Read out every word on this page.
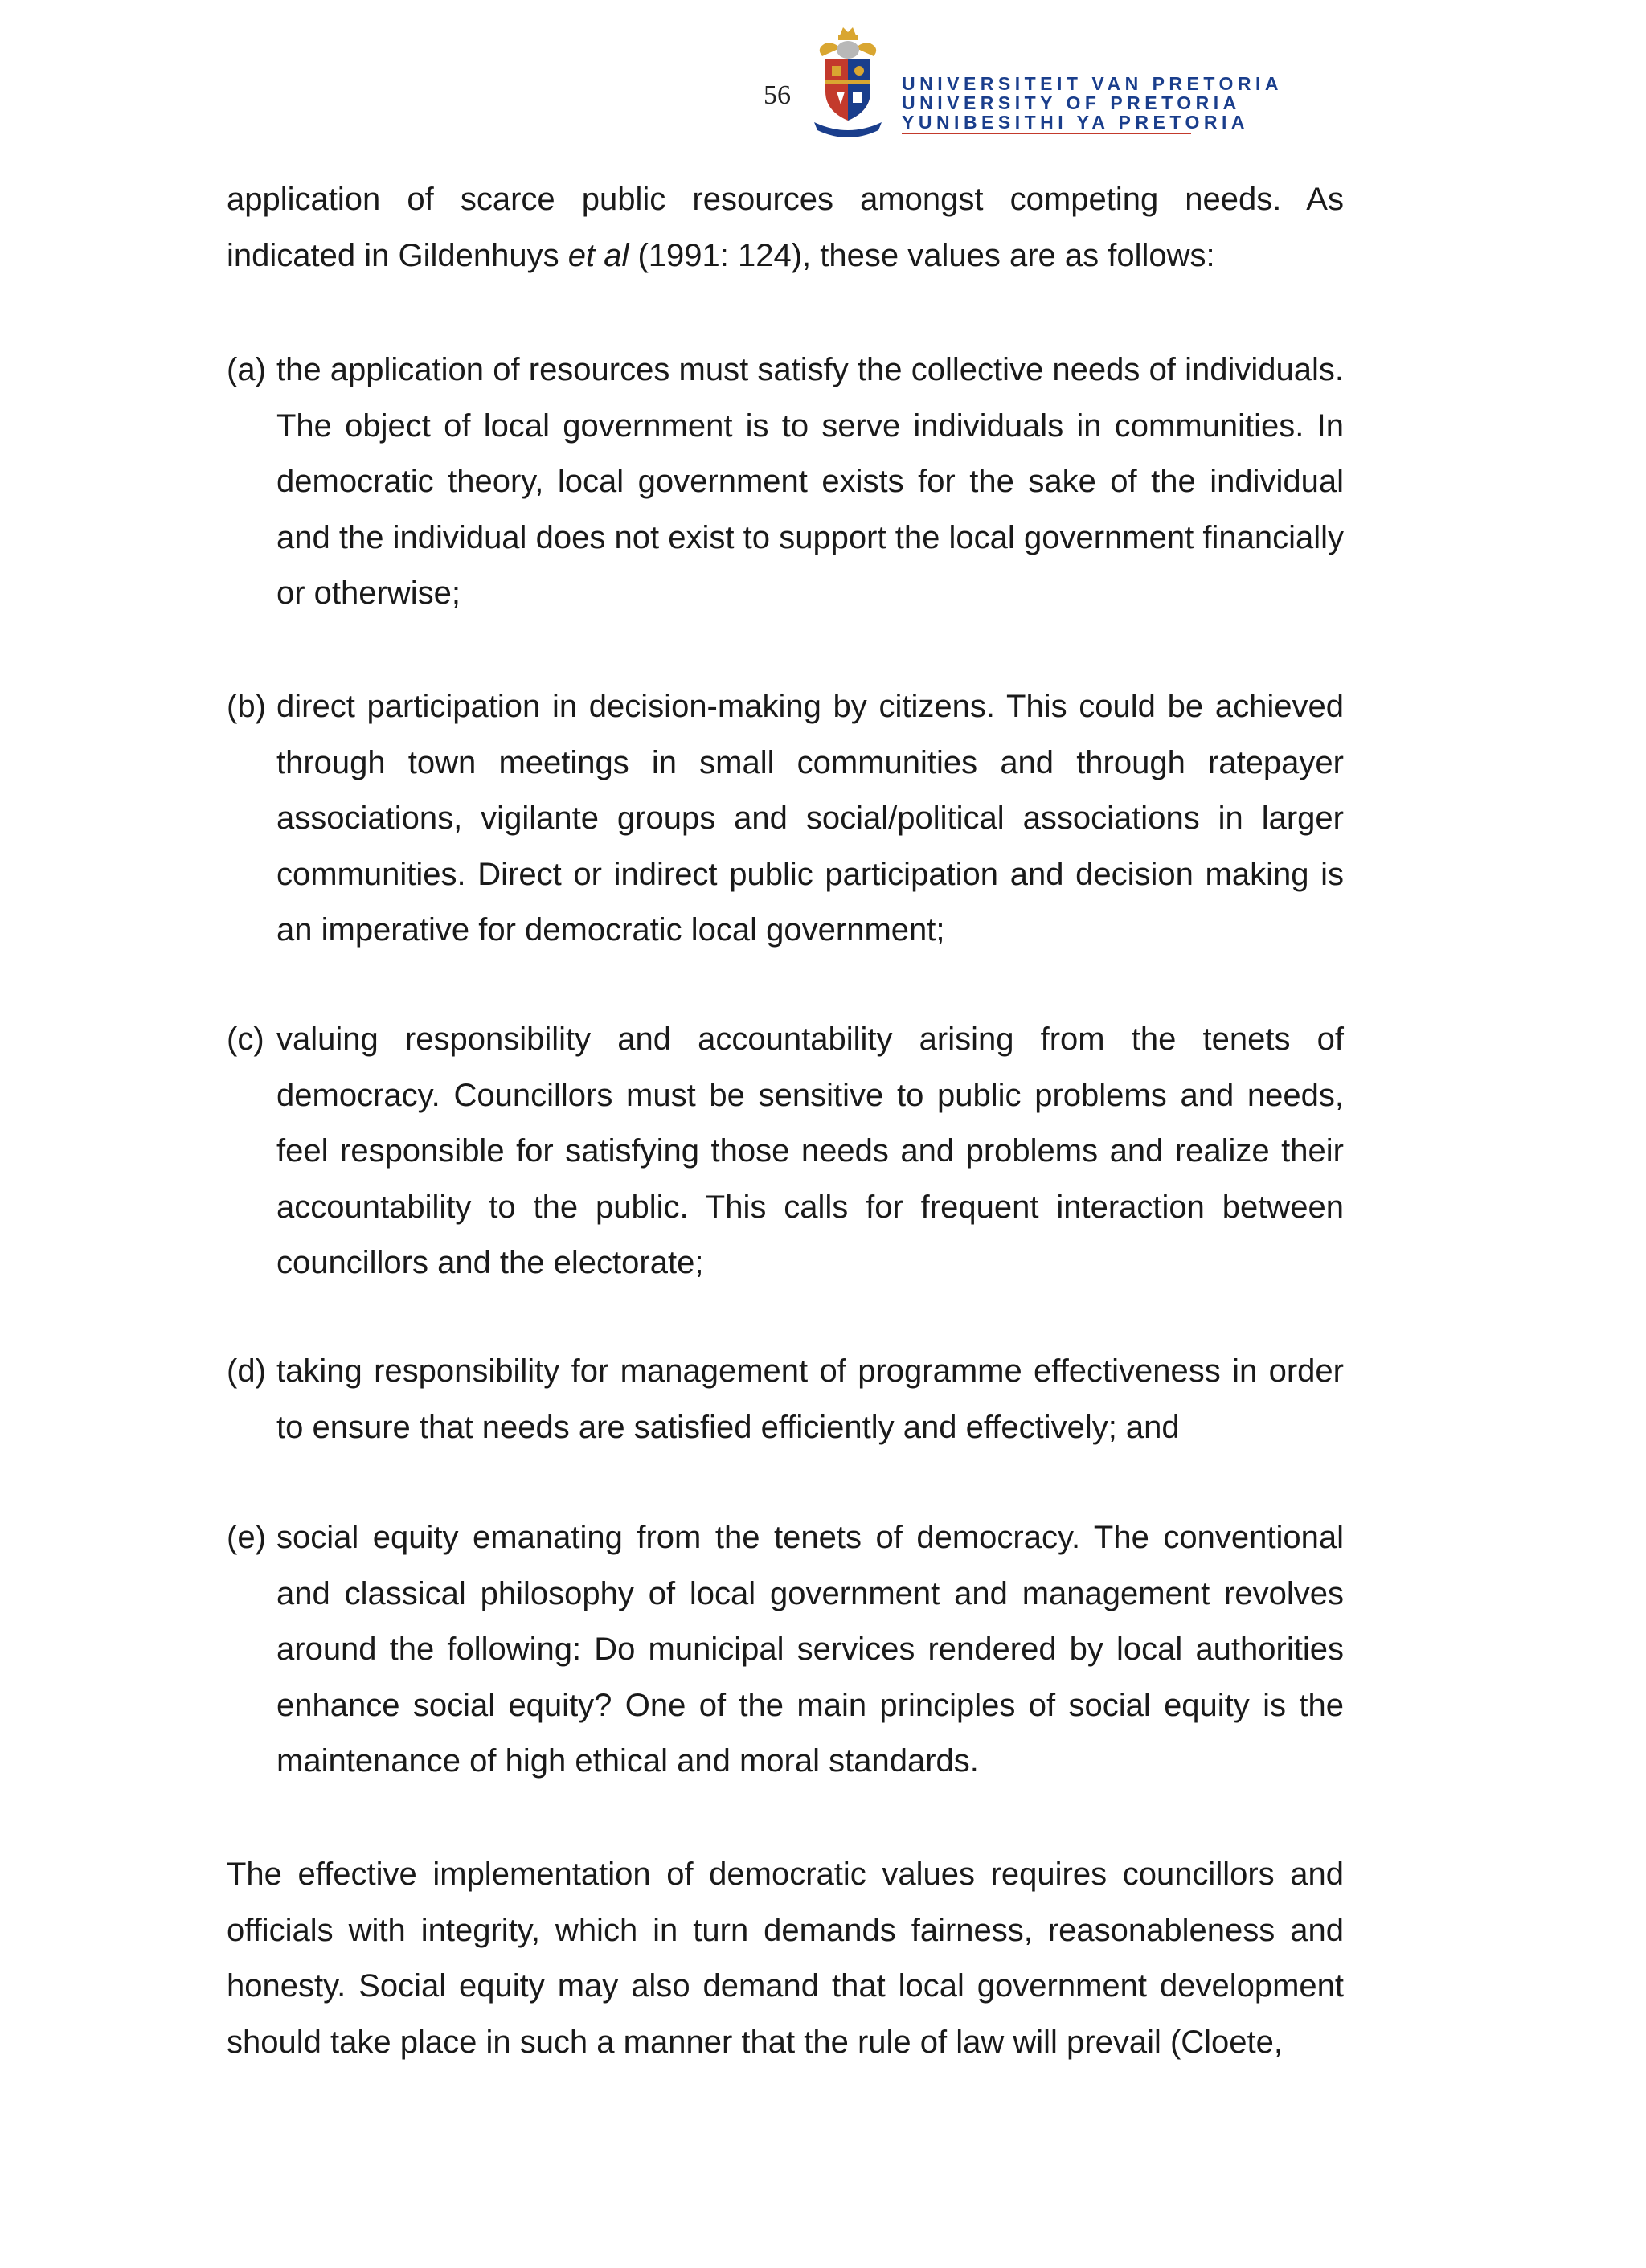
56	UNIVERSITEIT VAN PRETORIA
UNIVERSITY OF PRETORIA
YUNIBESITHI YA PRETORIA
application of scarce public resources amongst competing needs. As
indicated in Gildenhuys et al (1991: 124), these values are as follows:
(a) the application of resources must satisfy the collective needs of individuals. The object of local government is to serve individuals in communities. In democratic theory, local government exists for the sake of the individual and the individual does not exist to support the local government financially or otherwise;
(b) direct participation in decision-making by citizens. This could be achieved through town meetings in small communities and through ratepayer associations, vigilante groups and social/political associations in larger communities. Direct or indirect public participation and decision making is an imperative for democratic local government;
(c) valuing responsibility and accountability arising from the tenets of democracy. Councillors must be sensitive to public problems and needs, feel responsible for satisfying those needs and problems and realize their accountability to the public. This calls for frequent interaction between councillors and the electorate;
(d) taking responsibility for management of programme effectiveness in order to ensure that needs are satisfied efficiently and effectively; and
(e) social equity emanating from the tenets of democracy. The conventional and classical philosophy of local government and management revolves around the following: Do municipal services rendered by local authorities enhance social equity? One of the main principles of social equity is the maintenance of high ethical and moral standards.
The effective implementation of democratic values requires councillors and officials with integrity, which in turn demands fairness, reasonableness and honesty. Social equity may also demand that local government development should take place in such a manner that the rule of law will prevail (Cloete,
